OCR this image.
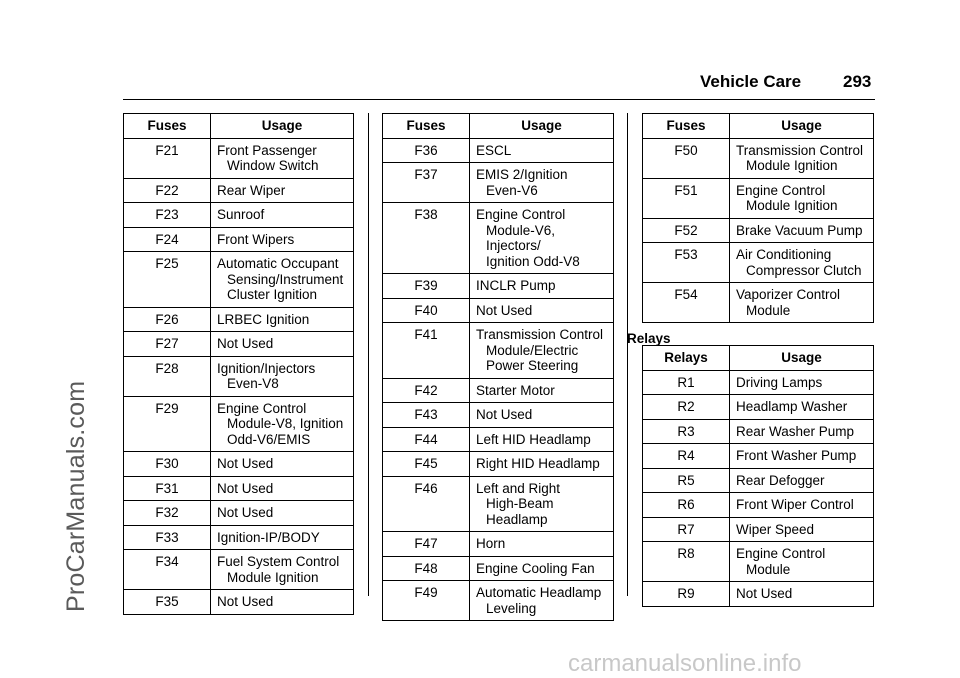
Vehicle Care 293
ProCarManuals.com
carmanualsonline.info
Fuses	Usage
F21	Front Passenger
Window Switch

F22	Rear Wiper
F23	Sunroof
F24	Front Wipers
F25	Automatic Occupant
Sensing/Instrument
Cluster Ignition

F26	LRBEC Ignition
F27	Not Used
F28	Ignition/Injectors
Even-V8

F29	Engine Control
Module-V8, Ignition
Odd-V6/EMIS

F30	Not Used
F31	Not Used
F32	Not Used
F33	Ignition-IP/BODY
F34	Fuel System Control
Module Ignition

F35	Not Used
Fuses	Usage
F36	ESCL
F37	EMIS 2/Ignition
Even-V6

F38	Engine Control
Module-V6, Injectors/
Ignition Odd-V8

F39	INCLR Pump
F40	Not Used
F41	Transmission Control
Module/Electric
Power Steering

F42	Starter Motor
F43	Not Used
F44	Left HID Headlamp
F45	Right HID Headlamp
F46	Left and Right
High-Beam Headlamp

F47	Horn
F48	Engine Cooling Fan
F49	Automatic Headlamp
Leveling
Fuses	Usage
F50	Transmission Control
Module Ignition

F51	Engine Control
Module Ignition

F52	Brake Vacuum Pump
F53	Air Conditioning
Compressor Clutch

F54	Vaporizer Control
Module
Relays
Relays	Usage
R1	Driving Lamps
R2	Headlamp Washer
R3	Rear Washer Pump
R4	Front Washer Pump
R5	Rear Defogger
R6	Front Wiper Control
R7	Wiper Speed
R8	Engine Control
Module

R9	Not Used
